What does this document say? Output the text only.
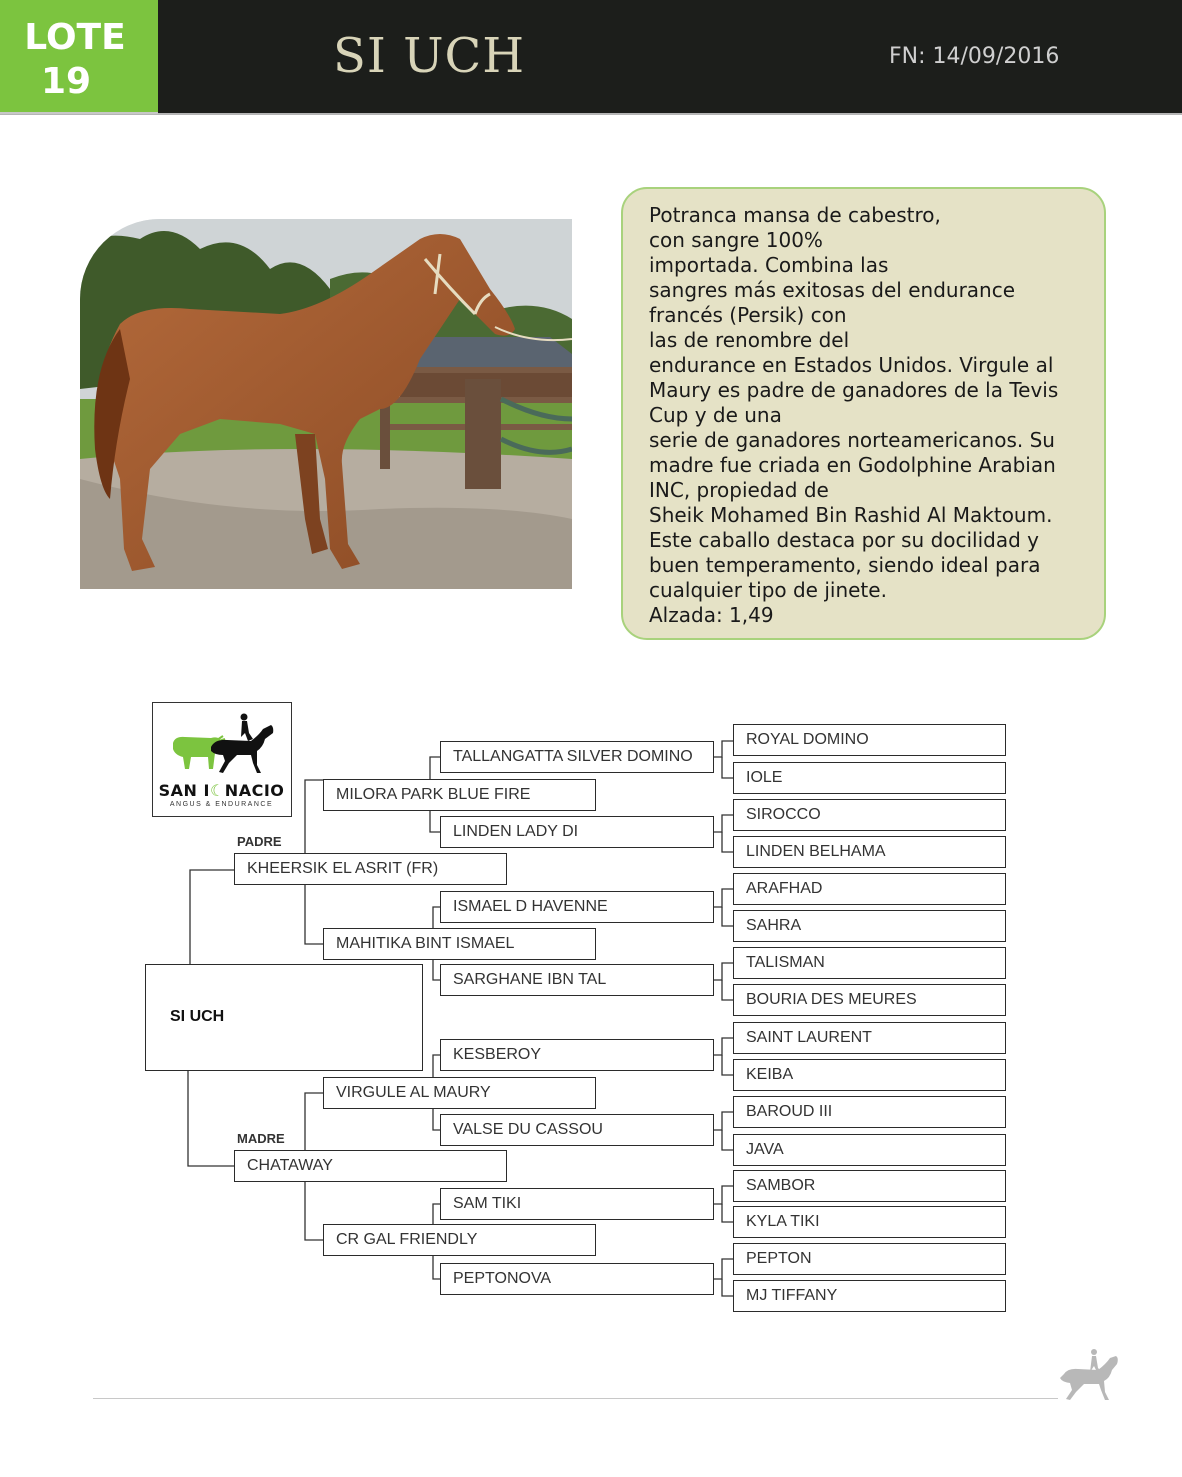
LOTE
19	SI UCH	FN: 14/09/2016
Potranca mansa de cabestro,
con sangre 100%
importada. Combina las
sangres más exitosas del endurance
francés (Persik) con
las de renombre del
endurance en Estados Unidos. Virgule al
Maury es padre de ganadores de la Tevis
Cup y de una
serie de ganadores norteamericanos. Su
madre fue criada en Godolphine Arabian
INC, propiedad de
Sheik Mohamed Bin Rashid Al Maktoum.
Este caballo destaca por su docilidad y
buen temperamento, siendo ideal para
cualquier tipo de jinete.
Alzada: 1,49
SAN I☾NACIO
ANGUS & ENDURANCE
SI UCH
PADRE
MADRE
KHEERSIK EL ASRIT (FR)
CHATAWAY
MILORA PARK BLUE FIRE
MAHITIKA BINT ISMAEL
VIRGULE AL MAURY
CR GAL FRIENDLY
TALLANGATTA SILVER DOMINO
LINDEN LADY DI
ISMAEL D HAVENNE
SARGHANE IBN TAL
KESBEROY
VALSE DU CASSOU
SAM TIKI
PEPTONOVA
ROYAL DOMINO
IOLE
SIROCCO
LINDEN BELHAMA
ARAFHAD
SAHRA
TALISMAN
BOURIA DES MEURES
SAINT LAURENT
KEIBA
BAROUD III
JAVA
SAMBOR
KYLA TIKI
PEPTON
MJ TIFFANY
